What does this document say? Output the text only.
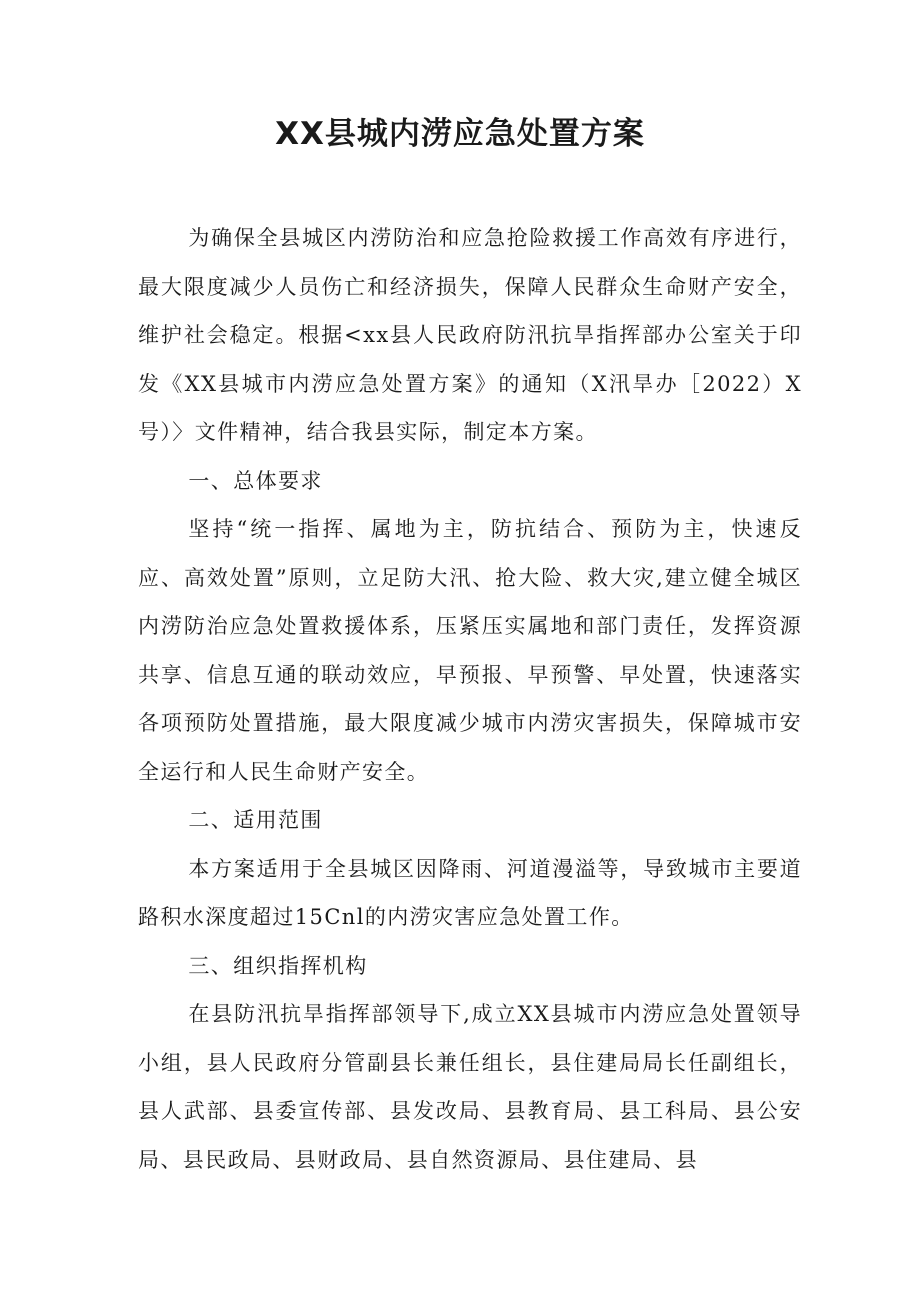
XX县城内涝应急处置方案

为确保全县城区内涝防治和应急抢险救援工作高效有序进行，最大限度减少人员伤亡和经济损失，保障人民群众生命财产安全，维护社会稳定。根据<xx县人民政府防汛抗旱指挥部办公室关于印发《XX县城市内涝应急处置方案》的通知（X汛旱办［2022）X号）〉文件精神，结合我县实际，制定本方案。

一、总体要求

坚持“统一指挥、属地为主，防抗结合、预防为主，快速反应、高效处置”原则，立足防大汛、抢大险、救大灾,建立健全城区内涝防治应急处置救援体系，压紧压实属地和部门责任，发挥资源共享、信息互通的联动效应，早预报、早预警、早处置，快速落实各项预防处置措施，最大限度减少城市内涝灾害损失，保障城市安全运行和人民生命财产安全。

二、适用范围

本方案适用于全县城区因降雨、河道漫溢等，导致城市主要道路积水深度超过15Cnl的内涝灾害应急处置工作。

三、组织指挥机构

在县防汛抗旱指挥部领导下,成立XX县城市内涝应急处置领导小组，县人民政府分管副县长兼任组长，县住建局局长任副组长，县人武部、县委宣传部、县发改局、县教育局、县工科局、县公安局、县民政局、县财政局、县自然资源局、县住建局、县
